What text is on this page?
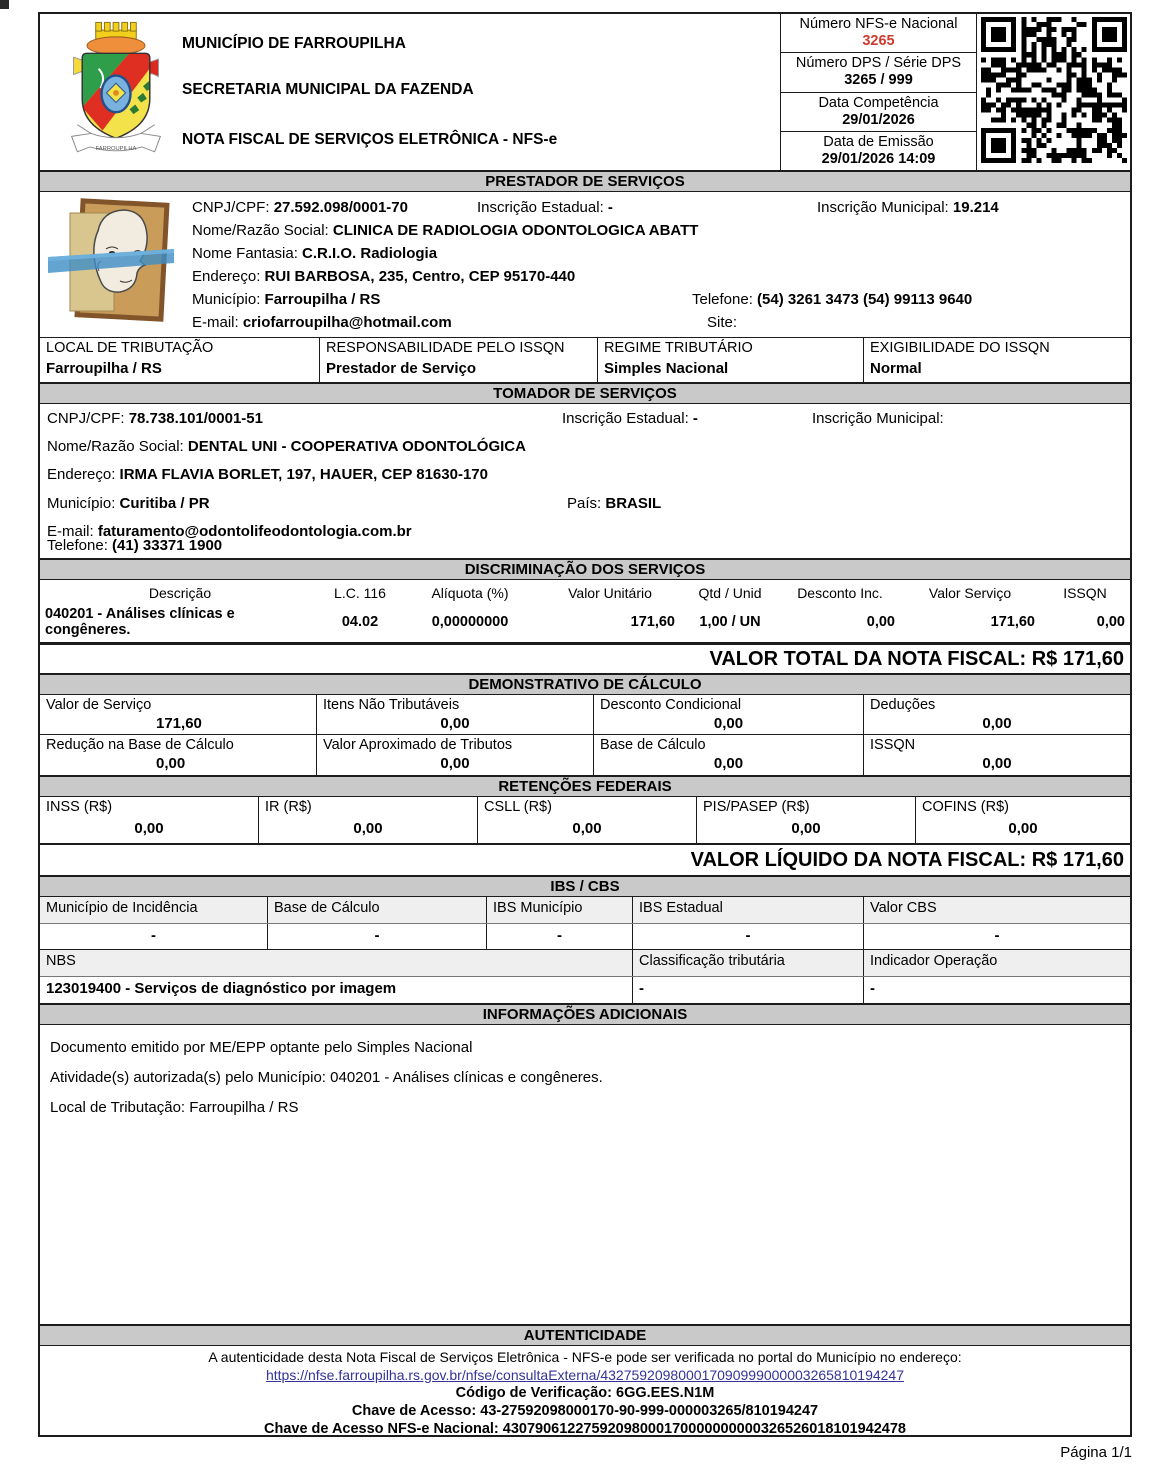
FARROUPILHA
MUNICÍPIO DE FARROUPILHA
SECRETARIA MUNICIPAL DA FAZENDA
NOTA FISCAL DE SERVIÇOS ELETRÔNICA - NFS-e
Número NFS-e Nacional
3265
Número DPS / Série DPS
3265 / 999
Data Competência
29/01/2026
Data de Emissão
29/01/2026 14:09
PRESTADOR DE SERVIÇOS
CNPJ/CPF: 27.592.098/0001-70	Inscrição Estadual: -	Inscrição Municipal: 19.214
Nome/Razão Social: CLINICA DE RADIOLOGIA ODONTOLOGICA ABATT
Nome Fantasia: C.R.I.O. Radiologia
Endereço: RUI BARBOSA, 235, Centro, CEP 95170-440
Município: Farroupilha / RS	Telefone: (54) 3261 3473 (54) 99113 9640
E-mail: criofarroupilha@hotmail.com	Site:
LOCAL DE TRIBUTAÇÃO
Farroupilha / RS
RESPONSABILIDADE PELO ISSQN
Prestador de Serviço
REGIME TRIBUTÁRIO
Simples Nacional
EXIGIBILIDADE DO ISSQN
Normal
TOMADOR DE SERVIÇOS
CNPJ/CPF: 78.738.101/0001-51	Inscrição Estadual: -	Inscrição Municipal:
Nome/Razão Social: DENTAL UNI - COOPERATIVA ODONTOLÓGICA
Endereço: IRMA FLAVIA BORLET, 197, HAUER, CEP 81630-170
Município: Curitiba / PR	País: BRASIL
E-mail: faturamento@odontolifeodontologia.com.br
Telefone: (41) 33371 1900
DISCRIMINAÇÃO DOS SERVIÇOS
Descrição	L.C. 116	Alíquota (%)	Valor Unitário	Qtd / Unid	Desconto Inc.	Valor Serviço	ISSQN
040201 - Análises clínicas e congêneres.	04.02	0,00000000	171,60	1,00 / UN	0,00	171,60	0,00
VALOR TOTAL DA NOTA FISCAL: R$ 171,60
DEMONSTRATIVO DE CÁLCULO
Valor de Serviço
171,60
Itens Não Tributáveis
0,00
Desconto Condicional
0,00
Deduções
0,00
Redução na Base de Cálculo
0,00
Valor Aproximado de Tributos
0,00
Base de Cálculo
0,00
ISSQN
0,00
RETENÇÕES FEDERAIS
INSS (R$)
0,00
IR (R$)
0,00
CSLL (R$)
0,00
PIS/PASEP (R$)
0,00
COFINS (R$)
0,00
VALOR LÍQUIDO DA NOTA FISCAL: R$ 171,60
IBS / CBS
Município de Incidência	Base de Cálculo	IBS Município	IBS Estadual	Valor CBS
-	-	-	-	-
NBS	Classificação tributária	Indicador Operação
123019400 - Serviços de diagnóstico por imagem	-	-
INFORMAÇÕES ADICIONAIS
Documento emitido por ME/EPP optante pelo Simples Nacional
Atividade(s) autorizada(s) pelo Município: 040201 - Análises clínicas e congêneres.
Local de Tributação: Farroupilha / RS
AUTENTICIDADE
A autenticidade desta Nota Fiscal de Serviços Eletrônica - NFS-e pode ser verificada no portal do Município no endereço:
https://nfse.farroupilha.rs.gov.br/nfse/consultaExterna/432759209800017090999000003265810194247
Código de Verificação: 6GG.EES.N1M
Chave de Acesso: 43-27592098000170-90-999-000003265/810194247
Chave de Acesso NFS-e Nacional: 43079061227592098000170000000000326526018101942478
Página 1/1
